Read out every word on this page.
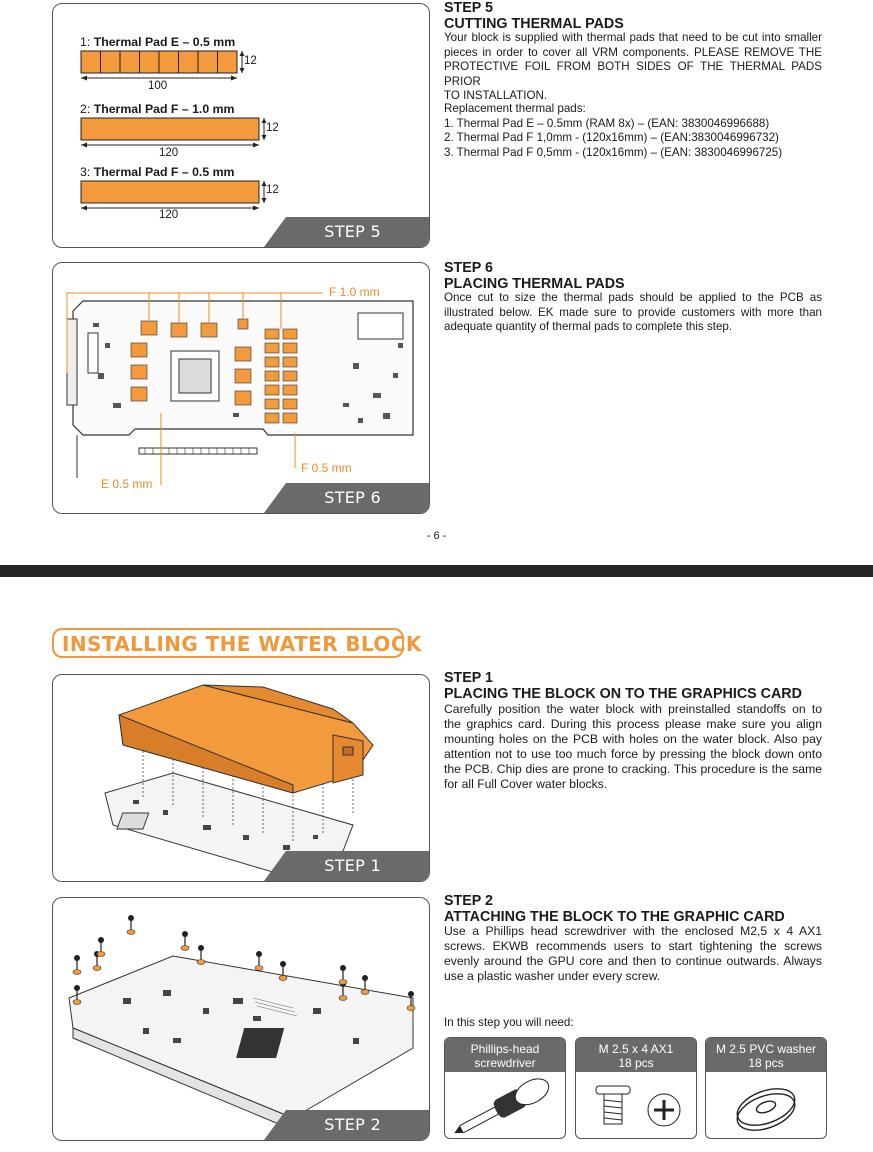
1: Thermal Pad E – 0.5 mm
100
12
2: Thermal Pad F – 1.0 mm
120
12
3: Thermal Pad F – 0.5 mm
120
12
STEP 5
STEP 5
CUTTING THERMAL PADS
Your block is supplied with thermal pads that need to be cut into smaller
pieces in order to cover all VRM components. PLEASE REMOVE THE
PROTECTIVE FOIL FROM BOTH SIDES OF THE THERMAL PADS PRIOR
TO INSTALLATION.
Replacement thermal pads:
1. Thermal Pad E – 0.5mm (RAM 8x) – (EAN: 3830046996688)
2. Thermal Pad F 1,0mm - (120x16mm) – (EAN:3830046996732)
3. Thermal Pad F 0,5mm - (120x16mm) – (EAN: 3830046996725)
F 1.0 mm
F 0.5 mm
E 0.5 mm
STEP 6
STEP 6
PLACING THERMAL PADS
Once cut to size the thermal pads should be applied to the PCB as
illustrated below. EK made sure to provide customers with more than
adequate quantity of thermal pads to complete this step.
- 6 -
INSTALLING THE WATER BLOCK
STEP 1
STEP 1
PLACING THE BLOCK ON TO THE GRAPHICS CARD
Carefully position the water block with preinstalled standoffs on to
the graphics card. During this process please make sure you align
mounting holes on the PCB with holes on the water block. Also pay
attention not to use too much force by pressing the block down onto
the PCB. Chip dies are prone to cracking. This procedure is the same
for all Full Cover water blocks.
STEP 2
STEP 2
ATTACHING THE BLOCK TO THE GRAPHIC CARD
Use a Phillips head screwdriver with the enclosed M2,5 x 4 AX1
screws. EKWB recommends users to start tightening the screws
evenly around the GPU core and then to continue outwards. Always
use a plastic washer under every screw.
In this step you will need:
Phillips-head
screwdriver
M 2.5 x 4 AX1
18 pcs
M 2.5 PVC washer
18 pcs
